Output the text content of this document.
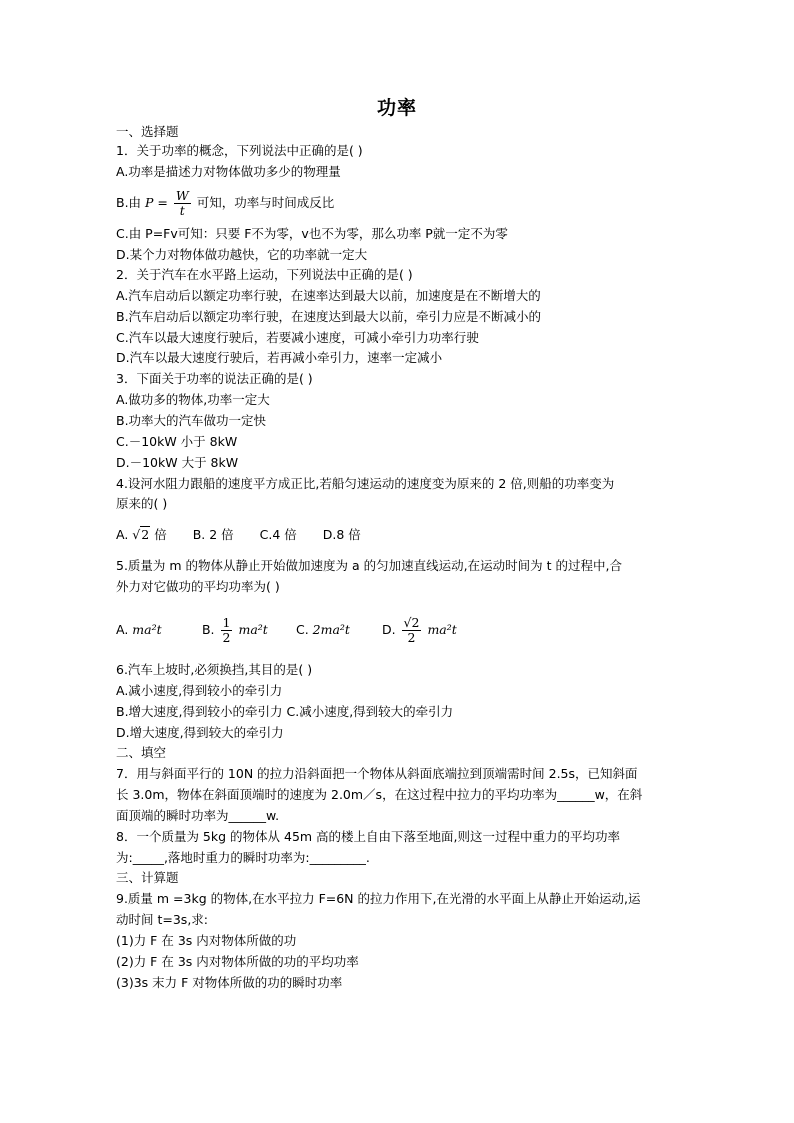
功率
一、选择题
1．关于功率的概念，下列说法中正确的是( )
A.功率是描述力对物体做功多少的物理量
B.由 $P = \frac{W}{t}$ 可知，功率与时间成反比
C.由 P=Fv可知：只要 F不为零，v也不为零，那么功率 P就一定不为零
D.某个力对物体做功越快，它的功率就一定大
2．关于汽车在水平路上运动，下列说法中正确的是( )
A.汽车启动后以额定功率行驶，在速率达到最大以前，加速度是在不断增大的
B.汽车启动后以额定功率行驶，在速度达到最大以前，牵引力应是不断减小的
C.汽车以最大速度行驶后，若要减小速度，可减小牵引力功率行驶
D.汽车以最大速度行驶后，若再减小牵引力，速率一定减小
3．下面关于功率的说法正确的是( )
A.做功多的物体,功率一定大
B.功率大的汽车做功一定快
C.－10kW 小于 8kW
D.－10kW 大于 8kW
4.设河水阻力跟船的速度平方成正比,若船匀速运动的速度变为原来的 2 倍,则船的功率变为
原来的( )
A. √2 倍 B. 2 倍 C.4 倍 D.8 倍
5.质量为 m 的物体从静止开始做加速度为 a 的匀加速直线运动,在运动时间为 t 的过程中,合
外力对它做功的平均功率为( )
A. ma²t	B. $\frac{1}{2} ma^2t$ C. 2ma²t	D. $\frac{√2}{2} ma^2t$
6.汽车上坡时,必须换挡,其目的是( )
A.减小速度,得到较小的牵引力
B.增大速度,得到较小的牵引力 C.减小速度,得到较大的牵引力
D.增大速度,得到较大的牵引力
二、填空
7．用与斜面平行的 10N 的拉力沿斜面把一个物体从斜面底端拉到顶端需时间 2.5s，已知斜面
长 3.0m，物体在斜面顶端时的速度为 2.0m／s，在这过程中拉力的平均功率为______w，在斜
面顶端的瞬时功率为______w.
8．一个质量为 5kg 的物体从 45m 高的楼上自由下落至地面,则这一过程中重力的平均功率
为:_____,落地时重力的瞬时功率为:_________.
三、计算题
9.质量 m =3kg 的物体,在水平拉力 F=6N 的拉力作用下,在光滑的水平面上从静止开始运动,运
动时间 t=3s,求:
(1)力 F 在 3s 内对物体所做的功
(2)力 F 在 3s 内对物体所做的功的平均功率
(3)3s 末力 F 对物体所做的功的瞬时功率
